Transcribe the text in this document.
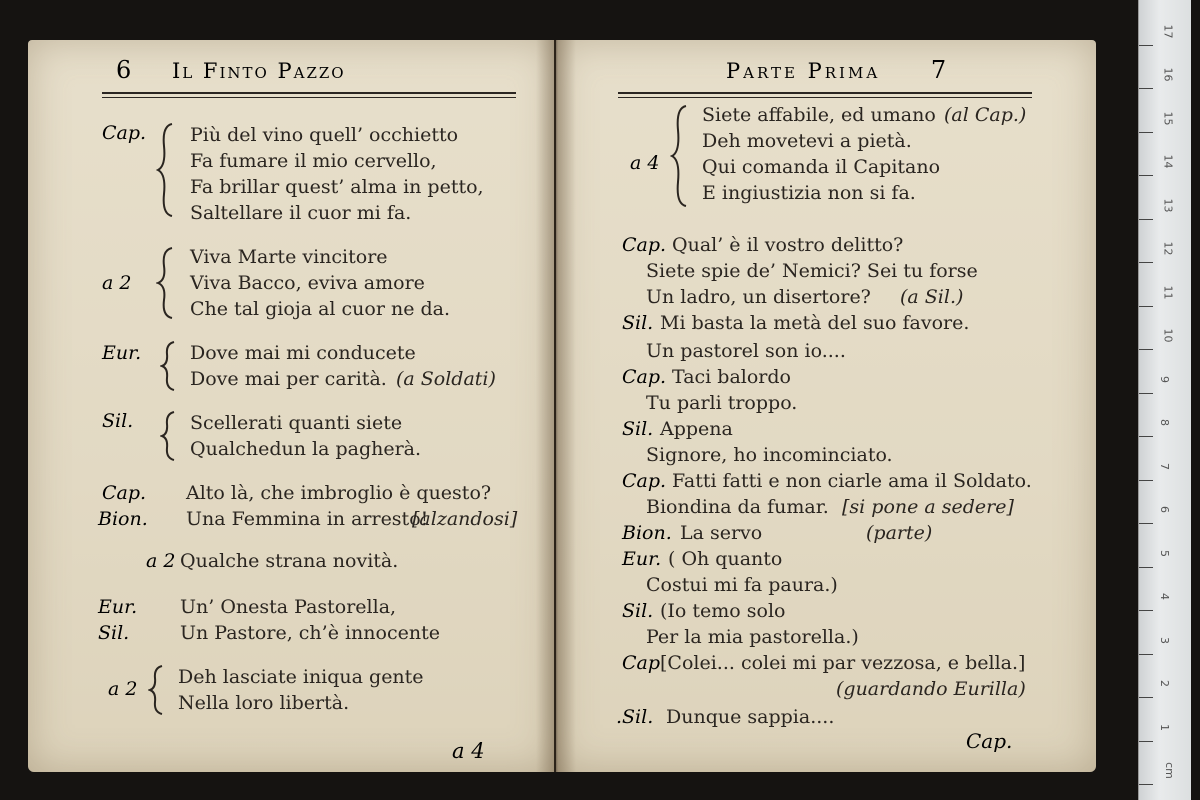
6 Il Finto Pazzo	Parte Prima 7
Cap. Più del vino quell’ occhietto
Fa fumare il mio cervello,
Fa brillar quest’ alma in petto,
Saltellare il cuor mi fa.
a 2
Viva Marte vincitore
Viva Bacco, eviva amore
Che tal gioja al cuor ne da.
Eur.	Dove mai mi conducete
Dove mai per carità. (a Soldati)
Sil.	Scellerati quanti siete
Qualchedun la pagherà.
Cap. Alto là, che imbroglio è questo?
Bion. Una Femmina in arresto!
[alzandosi]
a 2 Qualche strana novità.
Eur. Un’ Onesta Pastorella,
Sil.	Un Pastore, ch’è innocente
a 2
Deh lasciate iniqua gente
Nella loro libertà.
a 4
a 4
Siete affabile, ed umano (al Cap.)
Deh movetevi a pietà.
Qui comanda il Capitano
E ingiustizia non si fa.
Cap. Qual’ è il vostro delitto?
Siete spie de’ Nemici? Sei tu forse
Un ladro, un disertore? (a Sil.)
Sil. Mi basta la metà del suo favore.
Un pastorel son io....
Cap. Taci balordo
Tu parli troppo.
Sil. Appena
Signore, ho incominciato.
Cap. Fatti fatti e non ciarle ama il Soldato.
Biondina da fumar. [si pone a sedere]
Bion. La servo	(parte)
Eur. ( Oh quanto
Costui mi fa paura.)
Sil. (Io temo solo
Per la mia pastorella.)
Cap [Colei... colei mi par vezzosa, e bella.]
(guardando Eurilla)
.Sil. Dunque sappia....
Cap.
cm
1
2
3
4
5
6
7
8
9
10
11
12
13
14
15
16
17
